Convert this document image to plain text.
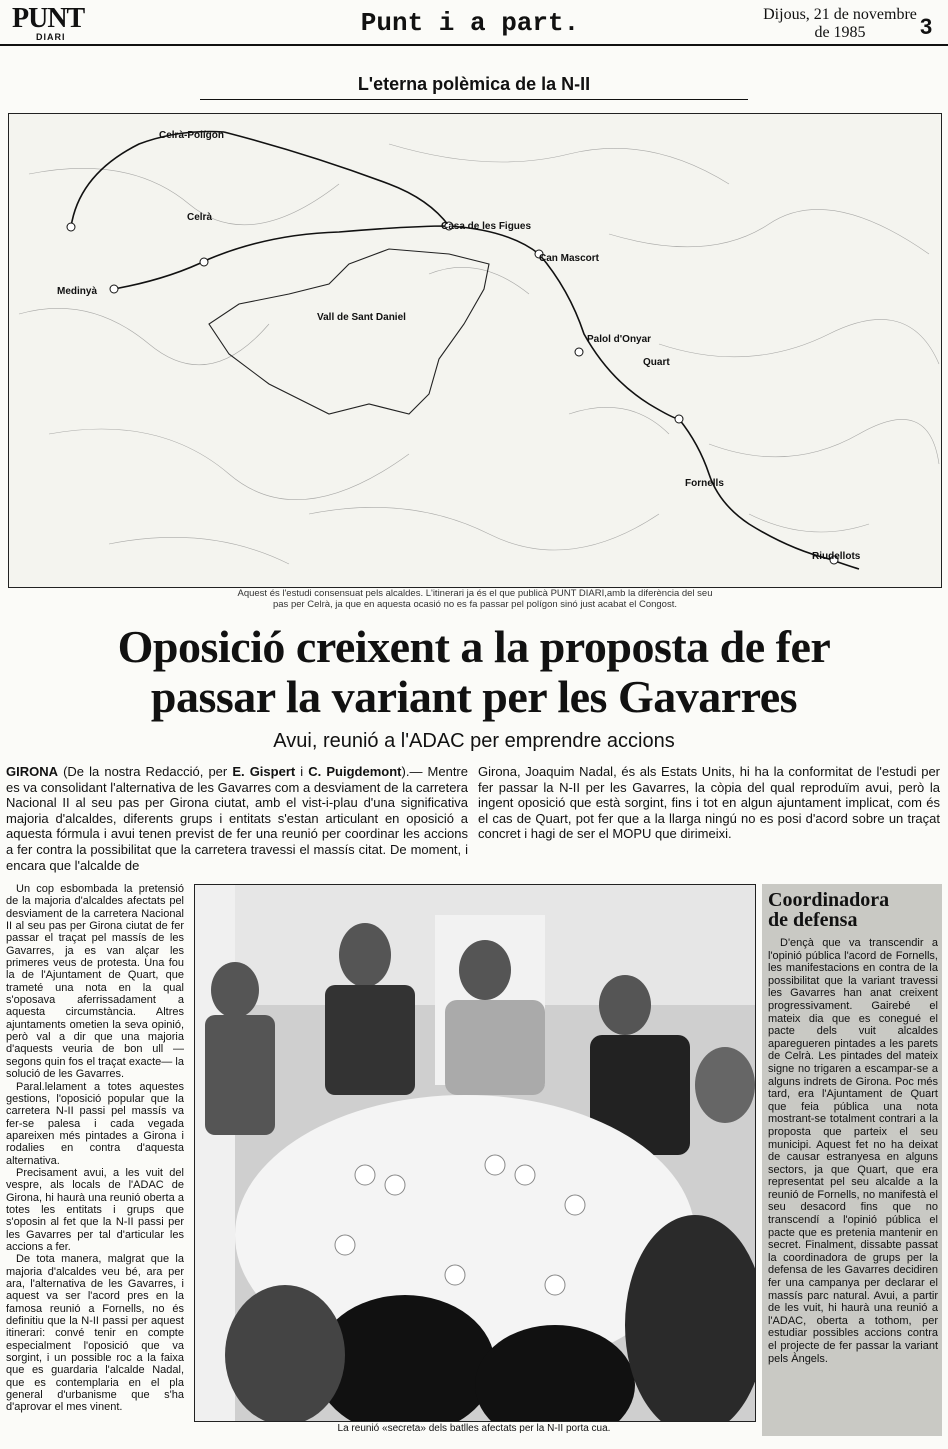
PUNT
DIARI	Punt i a part.	Dijous, 21 de novembre
de 1985	3
L'eterna polèmica de la N-II
Celrà-Polígon
Celrà
Casa de les Figues
Can Mascort
Medinyà
Vall de Sant Daniel
Palol d'Onyar
Quart
Fornells
Riudellots
Aquest és l'estudi consensuat pels alcaldes. L'itinerari ja és el que publicà PUNT DIARI,amb la diferència del seu
pas per Celrà, ja que en aquesta ocasió no es fa passar pel polígon sinó just acabat el Congost.
Oposició creixent a la proposta de fer
passar la variant per les Gavarres
Avui, reunió a l'ADAC per emprendre accions
GIRONA (De la nostra Redacció, per E. Gispert i C. Puigdemont).— Mentre es va consolidant l'alternativa de les Gavarres com a desviament de la carretera Nacional II al seu pas per Girona ciutat, amb el vist-i-plau d'una significativa majoria d'alcaldes, diferents grups i entitats s'estan articulant en oposició a aquesta fórmula i avui tenen previst de fer una reunió per coordinar les accions a fer contra la possibilitat que la carretera travessi el massís citat. De moment, i encara que l'alcalde de
Girona, Joaquim Nadal, és als Estats Units, hi ha la conformitat de l'estudi per fer passar la N-II per les Gavarres, la còpia del qual reproduïm avui, però la ingent oposició que està sorgint, fins i tot en algun ajuntament implicat, com és el cas de Quart, pot fer que a la llarga ningú no es posi d'acord sobre un traçat concret i hagi de ser el MOPU que dirimeixi.

Un cop esbombada la pretensió de la majoria d'alcaldes afectats pel desviament de la carretera Nacional II al seu pas per Girona ciutat de fer passar el traçat pel massís de les Gavarres, ja es van alçar les primeres veus de protesta. Una fou la de l'Ajuntament de Quart, que trameté una nota en la qual s'oposava aferrissadament a aquesta circumstància. Altres ajuntaments ometien la seva opinió, però val a dir que una majoria d'aquests veuria de bon ull —segons quin fos el traçat exacte— la solució de les Gavarres.

Paral.lelament a totes aquestes gestions, l'oposició popular que la carretera N-II passi pel massís va fer-se palesa i cada vegada apareixen més pintades a Girona i rodalies en contra d'aquesta alternativa.

Precisament avui, a les vuit del vespre, als locals de l'ADAC de Girona, hi haurà una reunió oberta a totes les entitats i grups que s'oposin al fet que la N-II passi per les Gavarres per tal d'articular les accions a fer.

De tota manera, malgrat que la majoria d'alcaldes veu bé, ara per ara, l'alternativa de les Gavarres, i aquest va ser l'acord pres en la famosa reunió a Fornells, no és definitiu que la N-II passi per aquest itinerari: convé tenir en compte especialment l'oposició que va sorgint, i un possible roc a la faixa que es guardaria l'alcalde Nadal, que es contemplaria en el pla general d'urbanisme que s'ha d'aprovar el mes vinent.

La reunió «secreta» dels batlles afectats per la N-II porta cua.
Coordinadora
de defensa
D'ençà que va transcendir a l'opinió pública l'acord de Fornells, les manifestacions en contra de la possibilitat que la variant travessi les Gavarres han anat creixent progressivament. Gairebé el mateix dia que es conegué el pacte dels vuit alcaldes aparegueren pintades a les parets de Celrà. Les pintades del mateix signe no trigaren a escampar-se a alguns indrets de Girona. Poc més tard, era l'Ajuntament de Quart que feia pública una nota mostrant-se totalment contrari a la proposta que parteix el seu municipi. Aquest fet no ha deixat de causar estranyesa en alguns sectors, ja que Quart, que era representat pel seu alcalde a la reunió de Fornells, no manifestà el seu desacord fins que no transcendí a l'opinió pública el pacte que es pretenia mantenir en secret. Finalment, dissabte passat la coordinadora de grups per la defensa de les Gavarres decidiren fer una campanya per declarar el massís parc natural. Avui, a partir de les vuit, hi haurà una reunió a l'ADAC, oberta a tothom, per estudiar possibles accions contra el projecte de fer passar la variant pels Àngels.
